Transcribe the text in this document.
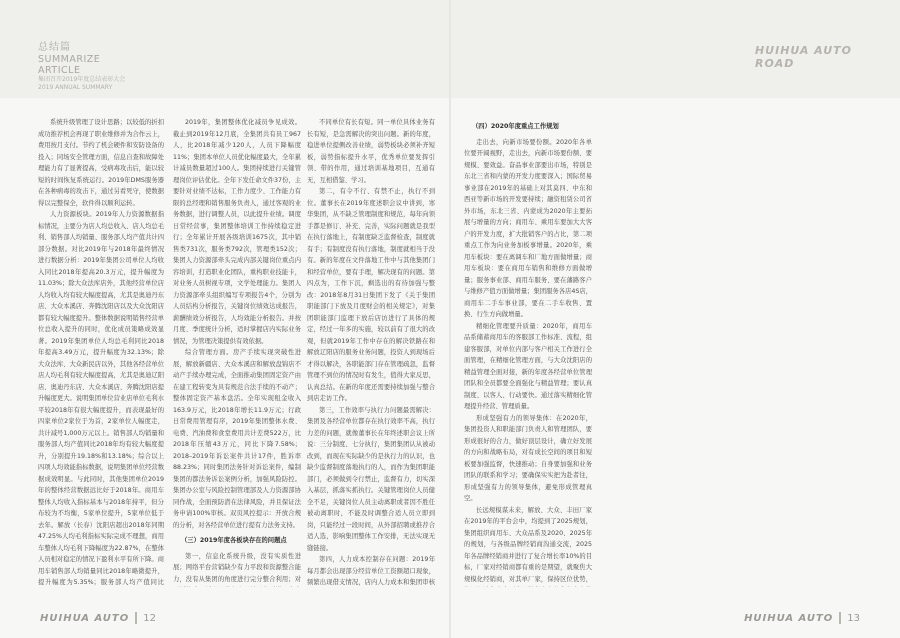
总结篇
SUMMARIZE
ARTICLE
集团召开2019年度总结表彰大会
2019 ANNUAL SUMMARY
HUIHUA AUTO
ROAD

系统升级管理了设计思路；以较低的折扣成功推荐机会再现了职业维修并为合作云上，费用按月支付。节约了机会硬件和安防设备的投入；同场安全管理方面，信息自查和故障处理能力有了显著提高，受病毒攻击后，能以较短的时间恢复系统运行。2019年DMS服务器在各种病毒的攻击下，通过另看死守，使数据得以完整保全，软件得以顺利运转。

人力资源板块。2019年人力资源数据指标情况，主要分为店人均总收入、店人均总毛利、销售部人均销量、服务部人均产值共计四部分数据。对比2019年与2018年最终情况进行数据分析：2019年集团公司单位人均收入同比2018年提高20.3万元，提升幅度为11.03%；除大众法库店外，其他经营单位店人均收入均有较大幅度提高，尤其是奥迪丹东店、大众本溪店、奔腾沈阳店以及大众沈阳店都有较大幅度提升。整体数据说明销售经营单位总收入提升的同时，优化成员策略成效显著。2019年集团单位人均总毛利同比2018年提高3.49万元，提升幅度为32.13%；除大众法库、大众新民店以外，其他各经营单位店人均毛利有较大幅度提高，尤其是奥迪辽阳店、奥迪丹东店、大众本溪店、奔腾沈阳店提升幅度更大。说明集团单位营业店单位毛利水平较2018年有很大幅度提升，而表现最好的四家单位2家位于为首，2家单位人幅度走，共计减号1,000万元以上。销售部人均销量和服务部人均产值同比2018年均有较大幅度提升，分别提升19.18%和13.18%；综合以上四项人均效能指标数据，说明集团单位经营数据成效明显。与此同时，其他集团单位2019年的整体经营数据远比好于2018年。商用车整体人均收入指标基本与2018年持平，但分布较为不均衡，5家单位提升，5家单位低于去年。解放（长春）沈阳店超出2018年同期47.25%人均毛利指标实际完成不理想，商用车整体人均毛利下降幅度为22.87%，在整体人员相对稳定的情况下盈利水平有所下降。商用车销售部人均销量同比2018年略微提升，提升幅度为5.35%；服务部人均产值同比

2019年，集团整体优化减员争见成效。截止到2019年12月底，全集团共有员工967人，比2018年减少120人，人员下降幅度11%；集团本单位人员优化幅度最大，全年累计减员数量超过100人。集团持续进行关键管理岗位评估优化。全年下发任命文件37份，主要针对业绩不达标，工作力度少、工作能力有限的总经理和销售服务负责人，通过客观的业务数据，进行调整人员，以此提升业绩。调度日常经营事，集团整体培训工作持续稳定进行；全年累计开展各级培训1675次，其中销售类731次，服务类792次，管理类152次；集团人力资源部牵头完成内部关键岗位重点内容培训，打造职业化团队，重构职业技能卡，对业务人员树视专项，文学处理能力。集团人力资源部牵头组织编写专项报告4个，分别为人员结构分析报告，关键岗位绩效达成报告，薪酬绩效分析报告，人均效能分析报告。并按月度、季度统计分析，适时掌握店内实际业务情况，为管理决策提供有效依据。

综合管理方面。房产手续实现突破性进展，解放新疆店、大众本溪店和解放盘锦店不动产手续办理完成，全面推动集团固定资产由在建工程转变为具有规范合法手续的不动产；整体固定资产基本盘活。全年实现租金收入163.9万元，比2018年增长11.9万元；行政日常费用管理有序，2019年集团整体水费、电费、汽油费和食堂费用共计差费522万，比2018年压缩43万元，同比下降7.58%；2018–2019年诉讼案件共计17件，胜诉率88.23%；同时集团法务针对诉讼案件，编制集团的都法务诉讼案例分析，加强风险防控。集团办公室与风险控制管理部及人力资源部协同作战，全面预防潜在法律风险，并且保证法务申请100%审核。双页风控提示：开放合规的分析，对各经营单位进行提有力法务支持。

（三）2019年度各板块存在的问题点

第一，信息化系统升级，没有实质性进展；网络平台营销缺少有力平段和资源整合能力，没有从集团的角度进行完分整合利用；对

不同单位有长有短。同一单位具体业务有长有短，是急需解决的突出问题。新的年度，稳进单位提侧改善业绩，弱势板块必须补齐短板，弱势指标提升水平，优秀单位要发挥引领、带的作用，通过培训基地项目，互通有无，互相借鉴、学习。

第二，有令不行、有禁不止，执行不到位。董事长在2019年度述职会议中讲到，寒华集团，从不缺乏管理制度和规范，每年向领手都是修订、补充、完善，实际问题就是我型在执行落地上，有制度缺乏监督检查，制度就有手；有制度没有执行落地，制度就相当于没有。新的年度在文件落地工作中与其他集团门和经营单位，要有手理，解决现有的问题。第四点为，工作下沉，剩选出的有待加强与整改：2018年8月31日集团下发了《关于集团职能部门下放及月度财会的相关规定》，对集团职能部门监理下放后店访进行了具体的规定，经过一年多的实施，较以前有了很大的改观，但就2019年工作中存在的解决铁路在和解放辽阳店的服务业务问题，投资人到现场后才得以解决，各职能部门存在管理疏忽，监督管理不到位的情况时有发生，值得大家反思，认真总结。在新的年度还需要持续加强与整合到店走访工作。

第三，工作效率与执行力问题最需解决：集团及各经营单位都存在执行效率不高，执行力差的问题，就像董事长在年终述职会议上所说：三分制度、七分执行，集团集团认从被动改到，而现在实际缺少的是执行力的认识，也缺少监督制度落地执行的人，而作为集团职能部门，必须做到令行禁止，监督有力，切实深入基层，抓落实抓执行。关键管理岗位人员健全不足，关键岗位人员主动离职或者因不胜任被动离职时，不能及时调整合适人员立即到岗，只能经过一段时间，从外部招聘或推荐合适人选，影响集团整体工作安排，无法实现无缝链接。

第四，人力成本控制存在问题：2019年每月都会出现部分经营单位工资额超口现象，频繁出现借支情况，店内人力成本和集团审核

（四）2020年度重点工作规划

走出去，向新市场要份额。2020年各单位要开阔视野，走出去，向新市场要份额、要规模、要效益。奋品事业部要出市场，特别是东北三省和内蒙的开发力度要深入；国际贸易事业部在2019年的基础上对其莫四、中东和西亚等新市场的开发要持续；融资租赁公司省外市场，东北三省、内蒙成为2020年主要拓展与增量的方向；商用车、乘用车要加大大客户的开发力度，扩大批销客户的占比，第二项重点工作为向业务加板事增量。2020年，乘用车板块：要在离调车和厂地方面做增量；商用车板块：要在商用车销售和维修方面做增量；服务事业部、商用车服务、要在藩路客户与维修产值方面做增量；集团服务各店4S店，商用车二手车事业部，要在二手车收售、置换、行生方向做增量。

精细化管理要升质量：2020年，商用车品系储蓄商用车的客服部工作标准、流程，组建客服部，对单位内部与客户相关工作进行全面管理，在精细化管理方面，与大众沈阳店的精益管理全面对接，新的年度各经营单位管理团队和全员都要全面强化与精益管理；要认真制度、以客人、行动要快。通过落实精细化管理提升经营、管理质量。

形成坚强有力的领导集体：在2020年，集团投资人和职能部门负责人和管理团队，要形成很好的合力，做好顶层设计，确立好发展的方向和战略布局，对有成长空间的项目和短板要加强监督，快速推动；自身要加强和业务团队的联系和学习；要确保实实把为赴者往，形成坚强有力的领导集体，避免形成管理真空。

长远规模谋未来，解放、大众、丰田厂家在2019年的平台会中，均提到了2025规划，集团组织商用车、大众品系及2020、2025年的规划，与各级品牌经销商沟通交流，2025年各品牌经销商并进行了复合增长率10%的目标，厂家对经销商都有重的是期望，就聚焦大规模化经销商，对其单厂家，保持区位优势，

HUIHUA AUTO 12	HUIHUA AUTO 13
